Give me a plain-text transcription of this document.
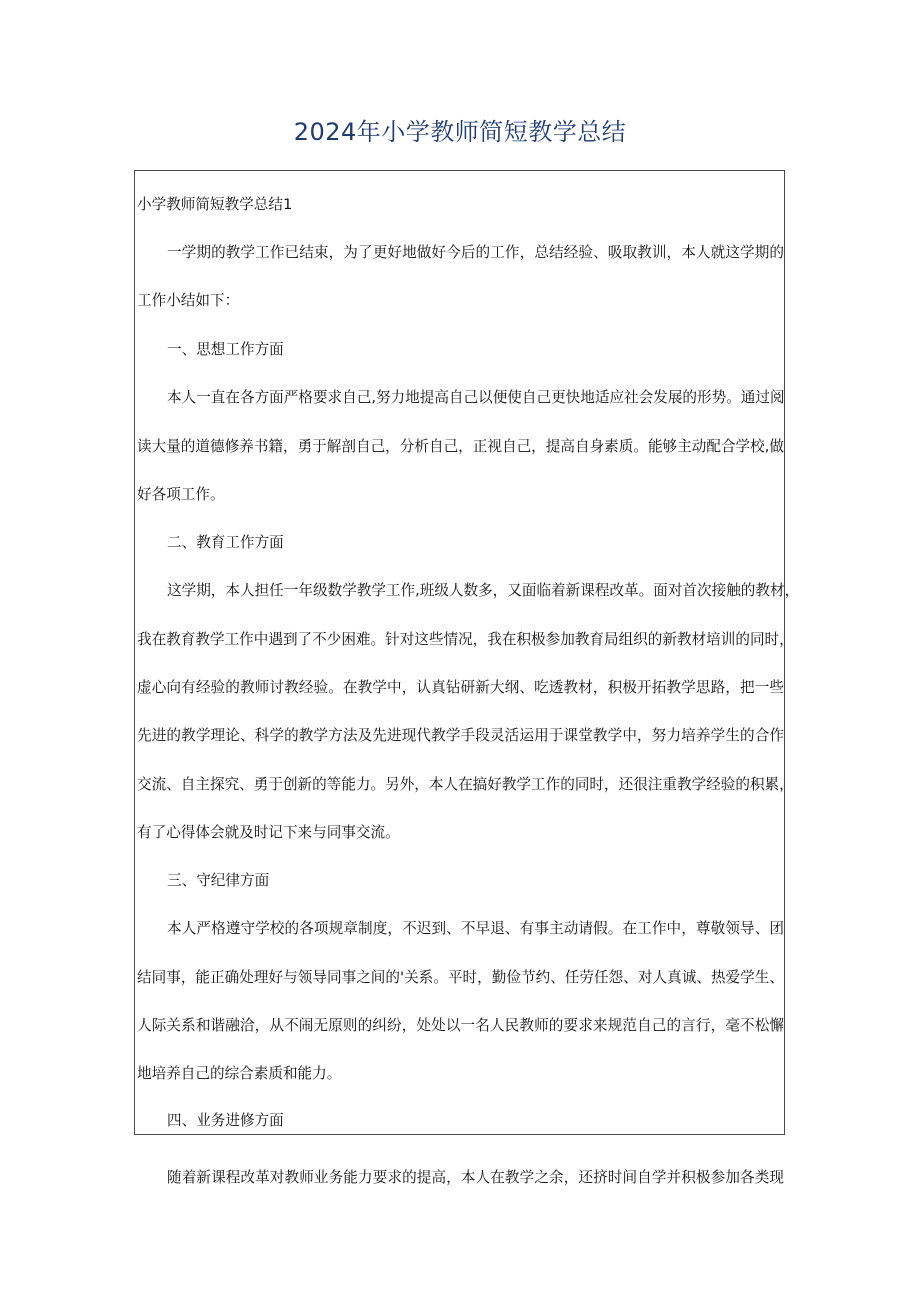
2024年小学教师简短教学总结
小学教师简短教学总结1
一学期的教学工作已结束，为了更好地做好今后的工作，总结经验、吸取教训，本人就这学期的
工作小结如下：
一、思想工作方面
本人一直在各方面严格要求自己,努力地提高自己以便使自己更快地适应社会发展的形势。通过阅
读大量的道德修养书籍，勇于解剖自己，分析自己，正视自己，提高自身素质。能够主动配合学校,做
好各项工作。
二、教育工作方面
这学期，本人担任一年级数学教学工作,班级人数多，又面临着新课程改革。面对首次接触的教材，
我在教育教学工作中遇到了不少困难。针对这些情况，我在积极参加教育局组织的新教材培训的同时，
虚心向有经验的教师讨教经验。在教学中，认真钻研新大纲、吃透教材，积极开拓教学思路，把一些
先进的教学理论、科学的教学方法及先进现代教学手段灵活运用于课堂教学中，努力培养学生的合作
交流、自主探究、勇于创新的等能力。另外，本人在搞好教学工作的同时，还很注重教学经验的积累，
有了心得体会就及时记下来与同事交流。
三、守纪律方面
本人严格遵守学校的各项规章制度，不迟到、不早退、有事主动请假。在工作中，尊敬领导、团
结同事，能正确处理好与领导同事之间的'关系。平时，勤俭节约、任劳任怨、对人真诚、热爱学生、
人际关系和谐融洽，从不闹无原则的纠纷，处处以一名人民教师的要求来规范自己的言行，毫不松懈
地培养自己的综合素质和能力。
四、业务进修方面
随着新课程改革对教师业务能力要求的提高，本人在教学之余，还挤时间自学并积极参加各类现
